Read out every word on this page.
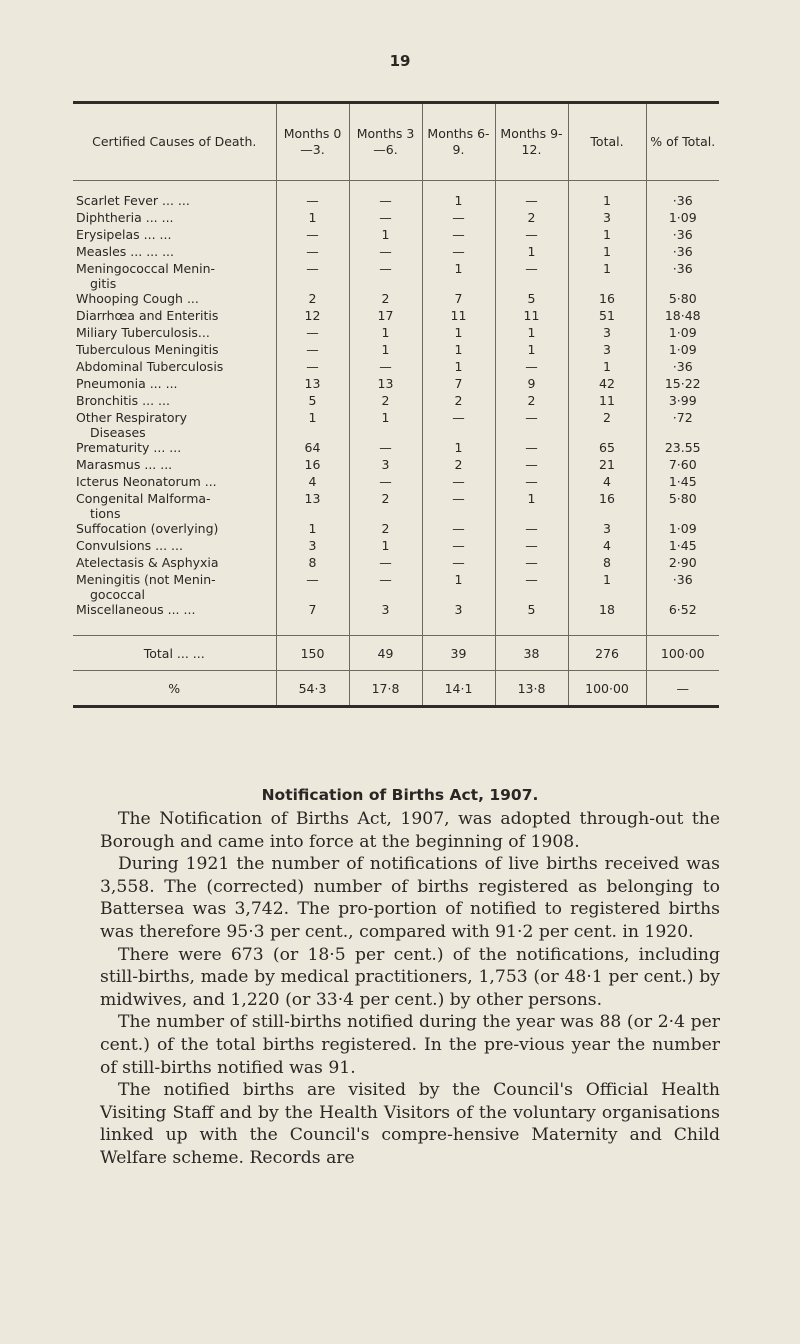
19
Certified Causes of Death.	Months 0—3.	Months 3—6.	Months 6-9.	Months 9-12.	Total.	% of Total.

Scarlet Fever ... ...	—	—	1	—	1	·36
Diphtheria ... ...	1	—	—	2	3	1·09
Erysipelas ... ...	—	1	—	—	1	·36
Measles ... ... ...	—	—	—	1	1	·36
Meningococcal Menin-
gitis	—	—	1	—	1	·36
Whooping Cough ...	2	2	7	5	16	5·80
Diarrhœa and Enteritis	12	17	11	11	51	18·48
Miliary Tuberculosis...	—	1	1	1	3	1·09
Tuberculous Meningitis	—	1	1	1	3	1·09
Abdominal Tuberculosis	—	—	1	—	1	·36
Pneumonia ... ...	13	13	7	9	42	15·22
Bronchitis ... ...	5	2	2	2	11	3·99
Other Respiratory
Diseases	1	1	—	—	2	·72
Prematurity ... ...	64	—	1	—	65	23.55
Marasmus ... ...	16	3	2	—	21	7·60
Icterus Neonatorum ...	4	—	—	—	4	1·45
Congenital Malforma-
tions	13	2	—	1	16	5·80
Suffocation (overlying)	1	2	—	—	3	1·09
Convulsions ... ...	3	1	—	—	4	1·45
Atelectasis & Asphyxia	8	—	—	—	8	2·90
Meningitis (not Menin-
gococcal	—	—	1	—	1	·36
Miscellaneous ... ...	7	3	3	5	18	6·52

Total ... ...	150	49	39	38	276	100·00
%	54·3	17·8	14·1	13·8	100·00	—
Notification of Births Act, 1907.

The Notification of Births Act, 1907, was adopted through-out the Borough and came into force at the beginning of 1908.

During 1921 the number of notifications of live births received was 3,558. The (corrected) number of births registered as belonging to Battersea was 3,742. The pro-portion of notified to registered births was therefore 95·3 per cent., compared with 91·2 per cent. in 1920.

There were 673 (or 18·5 per cent.) of the notifications, including still-births, made by medical practitioners, 1,753 (or 48·1 per cent.) by midwives, and 1,220 (or 33·4 per cent.) by other persons.

The number of still-births notified during the year was 88 (or 2·4 per cent.) of the total births registered. In the pre-vious year the number of still-births notified was 91.

The notified births are visited by the Council's Official Health Visiting Staff and by the Health Visitors of the voluntary organisations linked up with the Council's compre-hensive Maternity and Child Welfare scheme. Records are
